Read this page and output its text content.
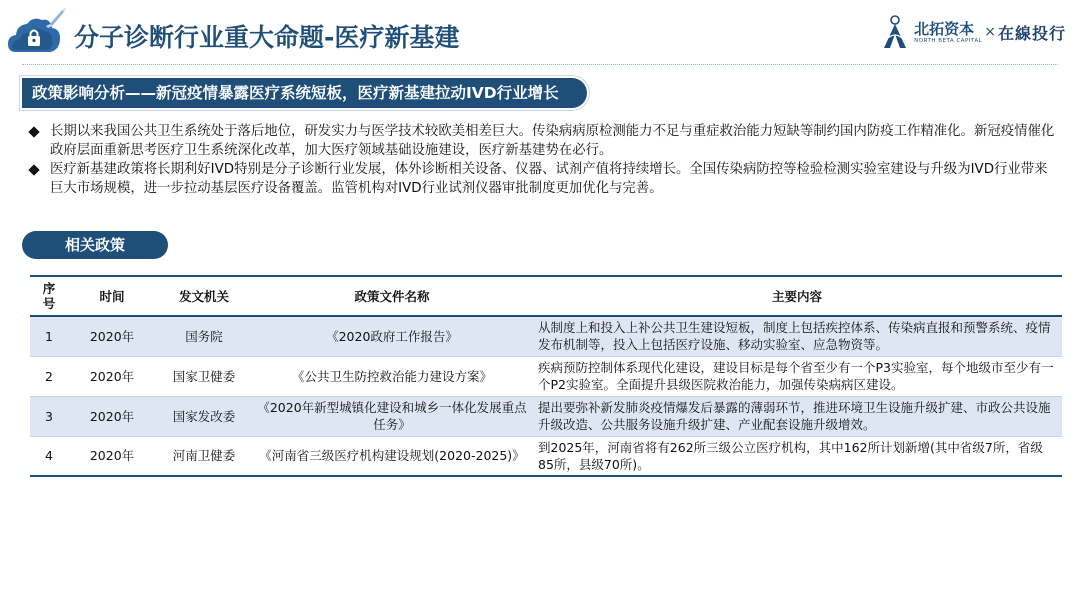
分子诊断行业重大命题-医疗新基建	北拓资本
NORTH BETA CAPITAL
× 在線投行
政策影响分析——新冠疫情暴露医疗系统短板，医疗新基建拉动IVD行业增长
长期以来我国公共卫生系统处于落后地位，研发实力与医学技术较欧美相差巨大。传染病病原检测能力不足与重症救治能力短缺等制约国内防疫工作精准化。新冠疫情催化政府层面重新思考医疗卫生系统深化改革，加大医疗领域基础设施建设，医疗新基建势在必行。
医疗新基建政策将长期利好IVD特别是分子诊断行业发展，体外诊断相关设备、仪器、试剂产值将持续增长。全国传染病防控等检验检测实验室建设与升级为IVD行业带来巨大市场规模，进一步拉动基层医疗设备覆盖。监管机构对IVD行业试剂仪器审批制度更加优化与完善。
相关政策
序号	时间	发文机关	政策文件名称	主要内容
1	2020年	国务院	《2020政府工作报告》	从制度上和投入上补公共卫生建设短板，制度上包括疾控体系、传染病直报和预警系统、疫情发布机制等，投入上包括医疗设施、移动实验室、应急物资等。
2	2020年	国家卫健委	《公共卫生防控救治能力建设方案》	疾病预防控制体系现代化建设，建设目标是每个省至少有一个P3实验室，每个地级市至少有一个P2实验室。全面提升县级医院救治能力，加强传染病病区建设。
3	2020年	国家发改委	《2020年新型城镇化建设和城乡一体化发展重点任务》	提出要弥补新发肺炎疫情爆发后暴露的薄弱环节，推进环境卫生设施升级扩建、市政公共设施升级改造、公共服务设施升级扩建、产业配套设施升级增效。
4	2020年	河南卫健委	《河南省三级医疗机构建设规划(2020-2025)》	到2025年，河南省将有262所三级公立医疗机构，其中162所计划新增(其中省级7所，省级85所，县级70所)。
